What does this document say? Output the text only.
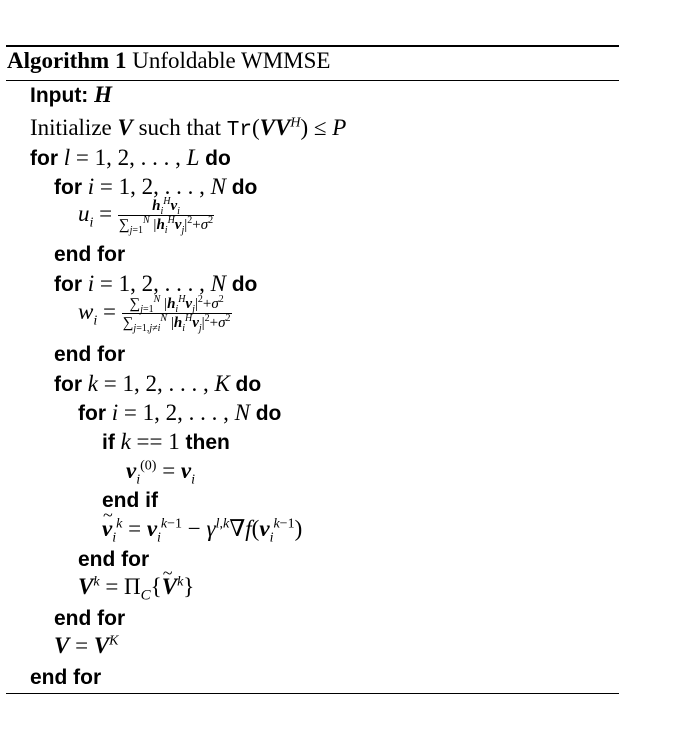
Algorithm 1 Unfoldable WMMSE
Input: H
Initialize V such that $Tr(VV^H) \le P$
for l = 1, 2, . . . , L do
for i = 1, 2, . . . , N do
$u_i = \frac{h_i^Hv_i}{\sum_{j=1}^N |h_i^Hv_j|^2+\sigma^2}$
end for
for i = 1, 2, . . . , N do
$w_i = \frac{\sum_{j=1}^N |h_i^Hv_j|^2+\sigma^2}{\sum_{j=1,j\ne i}^N |h_i^Hv_j|^2+\sigma^2}$
end for
for k = 1, 2, . . . , K do
for i = 1, 2, . . . , N do
if k == 1 then
$v_i^{(0)} = v_i$
end if
~ $v_i^k = v_i^{k-1} - \gamma^{l,k}\nabla f(v_i^{k-1})$
end for
$V^k$ = $\Pi_C\{\sim$ $V^k$}
end for
$V = V^K$
end for
